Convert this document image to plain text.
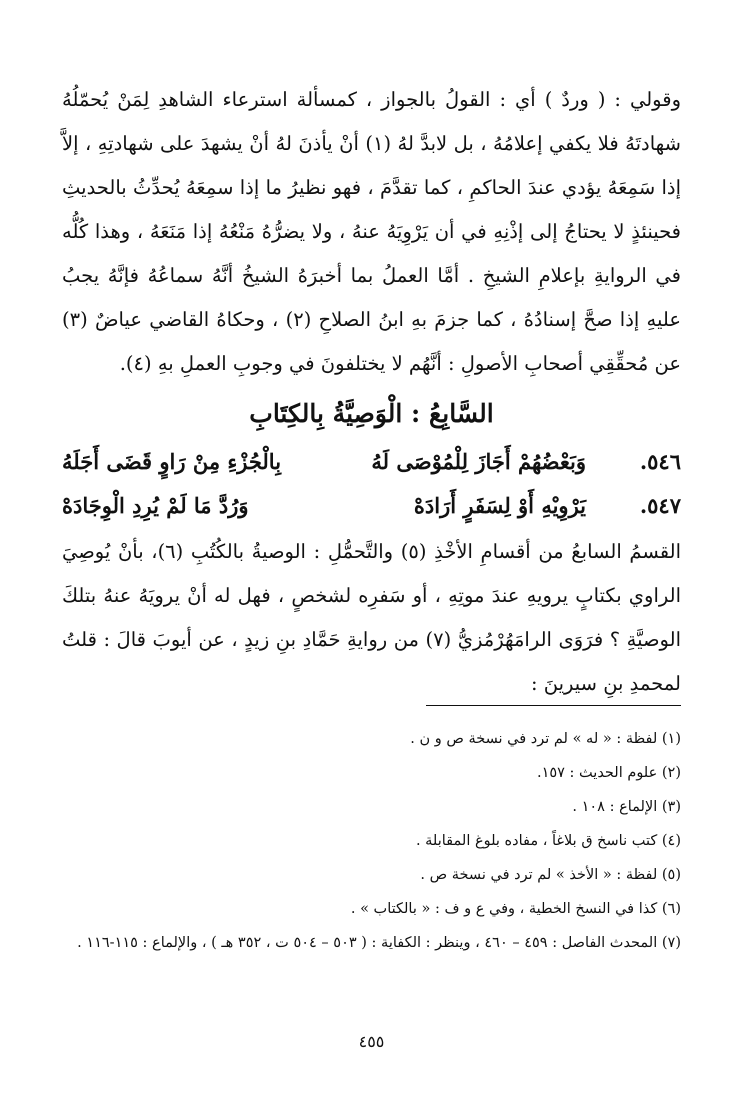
وقولي : ( وردٌ ) أي : القولُ بالجواز ، كمسألة استرعاء الشاهدِ لِمَنْ يُحمّلُهُ شهادتَهُ فلا يكفي إعلامُهُ ، بل لابدَّ لهُ (١) أنْ يأذنَ لهُ أنْ يشهدَ على شهادتِهِ ، إلاَّ إذا سَمِعَهُ يؤدي عندَ الحاكمِ ، كما تقدَّمَ ، فهو نظيرُ ما إذا سمِعَهُ يُحدِّثُ بالحديثِ فحينئذٍ لا يحتاجُ إلى إذْنِهِ في أن يَرْوِيَهُ عنهُ ، ولا يضرُّهُ مَنْعُهُ إذا مَنَعَهُ ، وهذا كُلُّه في الروايةِ بإعلامِ الشيخِ . أمَّا العملُ بما أخبرَهُ الشيخُ أنَّهُ سماعُهُ فإنَّهُ يجبُ عليهِ إذا صحَّ إسنادُهُ ، كما جزمَ بهِ ابنُ الصلاحِ (٢) ، وحكاهُ القاضي عياضٌ (٣) عن مُحقِّقِي أصحابِ الأصولِ : أنَّهُم لا يختلفونَ في وجوبِ العملِ بهِ (٤).

السَّابِعُ : الْوَصِيَّةُ بِالكِتَابِ
٥٤٦.
وَبَعْضُهُمْ أَجَازَ لِلْمُوْصَى لَهُ
بِالْجُزْءِ مِنْ رَاوٍ قَضَى أَجَلَهُ
٥٤٧.
يَرْوِيْهِ أَوْ لِسَفَرٍ أَرَادَهْ
وَرُدَّ مَا لَمْ يُرِدِ الْوِجَادَهْ

القسمُ السابعُ من أقسامِ الأخْذِ (٥) والتَّحمُّلِ : الوصيةُ بالكُتُبِ (٦)، بأنْ يُوصِيَ الراوي بكتابٍ يرويهِ عندَ موتِهِ ، أو سَفرِه لشخصٍ ، فهل له أنْ يرويَهُ عنهُ بتلكَ الوصيَّةِ ؟ فرَوَى الرامَهُرْمُزيُّ (٧) من روايةِ حَمَّادِ بنِ زيدٍ ، عن أيوبَ قالَ : قلتُ لمحمدِ بنِ سيرينَ :

(١) لفظة : « له » لم ترد في نسخة ص و ن .

(٢) علوم الحديث : ١٥٧.

(٣) الإلماع : ١٠٨ .

(٤) كتب ناسخ ق بلاغاً ، مفاده بلوغ المقابلة .

(٥) لفظة : « الأخذ » لم ترد في نسخة ص .

(٦) كذا في النسخ الخطية ، وفي ع و ف : « بالكتاب » .

(٧) المحدث الفاصل : ٤٥٩ – ٤٦٠ ، وينظر : الكفاية : ( ٥٠٣ – ٥٠٤ ت ، ٣٥٢ هـ ) ، والإلماع : ١١٥-١١٦ .

٤٥٥
